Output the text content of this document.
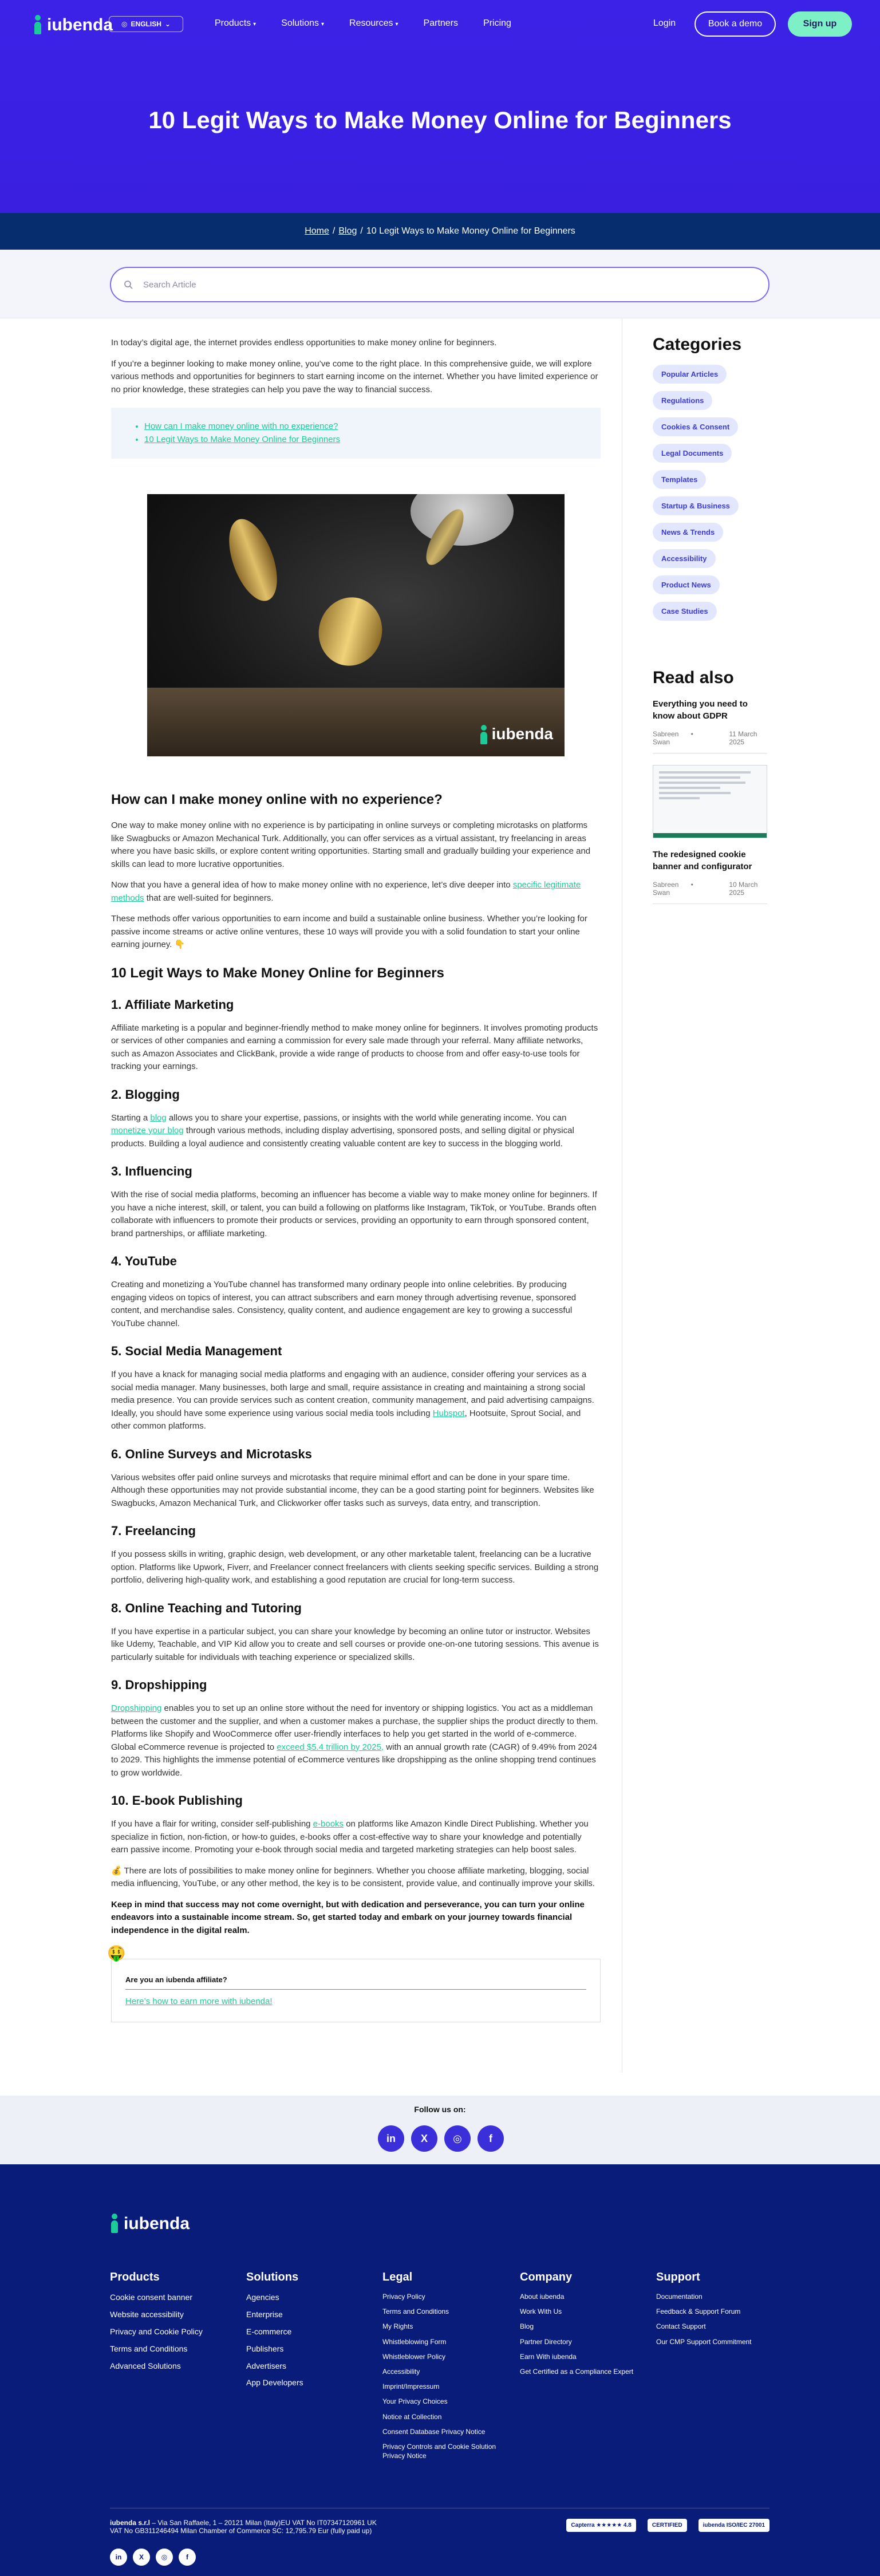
iubenda ◎ ENGLISH ⌄	Products ▾	Solutions ▾	Resources ▾	Partners	Pricing	Login	Book a demo	Sign up
10 Legit Ways to Make Money Online for Beginners
Home / Blog / 10 Legit Ways to Make Money Online for Beginners
Search Article

In today’s digital age, the internet provides endless opportunities to make money online for beginners.

If you’re a beginner looking to make money online, you’ve come to the right place. In this comprehensive guide, we will explore various methods and opportunities for beginners to start earning income on the internet. Whether you have limited experience or no prior knowledge, these strategies can help you pave the way to financial success.

• How can I make money online with no experience?
• 10 Legit Ways to Make Money Online for Beginners
iubenda
How can I make money online with no experience?

One way to make money online with no experience is by participating in online surveys or completing microtasks on platforms like Swagbucks or Amazon Mechanical Turk. Additionally, you can offer services as a virtual assistant, try freelancing in areas where you have basic skills, or explore content writing opportunities. Starting small and gradually building your experience and skills can lead to more lucrative opportunities.

Now that you have a general idea of how to make money online with no experience, let’s dive deeper into specific legitimate methods that are well-suited for beginners.

These methods offer various opportunities to earn income and build a sustainable online business. Whether you’re looking for passive income streams or active online ventures, these 10 ways will provide you with a solid foundation to start your online earning journey. 👇

10 Legit Ways to Make Money Online for Beginners
1. Affiliate Marketing

Affiliate marketing is a popular and beginner-friendly method to make money online for beginners. It involves promoting products or services of other companies and earning a commission for every sale made through your referral. Many affiliate networks, such as Amazon Associates and ClickBank, provide a wide range of products to choose from and offer easy-to-use tools for tracking your earnings.

2. Blogging

Starting a blog allows you to share your expertise, passions, or insights with the world while generating income. You can monetize your blog through various methods, including display advertising, sponsored posts, and selling digital or physical products. Building a loyal audience and consistently creating valuable content are key to success in the blogging world.

3. Influencing

With the rise of social media platforms, becoming an influencer has become a viable way to make money online for beginners. If you have a niche interest, skill, or talent, you can build a following on platforms like Instagram, TikTok, or YouTube. Brands often collaborate with influencers to promote their products or services, providing an opportunity to earn through sponsored content, brand partnerships, or affiliate marketing.

4. YouTube

Creating and monetizing a YouTube channel has transformed many ordinary people into online celebrities. By producing engaging videos on topics of interest, you can attract subscribers and earn money through advertising revenue, sponsored content, and merchandise sales. Consistency, quality content, and audience engagement are key to growing a successful YouTube channel.

5. Social Media Management

If you have a knack for managing social media platforms and engaging with an audience, consider offering your services as a social media manager. Many businesses, both large and small, require assistance in creating and maintaining a strong social media presence. You can provide services such as content creation, community management, and paid advertising campaigns. Ideally, you should have some experience using various social media tools including Hubspot, Hootsuite, Sprout Social, and other common platforms.

6. Online Surveys and Microtasks

Various websites offer paid online surveys and microtasks that require minimal effort and can be done in your spare time. Although these opportunities may not provide substantial income, they can be a good starting point for beginners. Websites like Swagbucks, Amazon Mechanical Turk, and Clickworker offer tasks such as surveys, data entry, and transcription.

7. Freelancing

If you possess skills in writing, graphic design, web development, or any other marketable talent, freelancing can be a lucrative option. Platforms like Upwork, Fiverr, and Freelancer connect freelancers with clients seeking specific services. Building a strong portfolio, delivering high-quality work, and establishing a good reputation are crucial for long-term success.

8. Online Teaching and Tutoring

If you have expertise in a particular subject, you can share your knowledge by becoming an online tutor or instructor. Websites like Udemy, Teachable, and VIP Kid allow you to create and sell courses or provide one-on-one tutoring sessions. This avenue is particularly suitable for individuals with teaching experience or specialized skills.

9. Dropshipping

Dropshipping enables you to set up an online store without the need for inventory or shipping logistics. You act as a middleman between the customer and the supplier, and when a customer makes a purchase, the supplier ships the product directly to them. Platforms like Shopify and WooCommerce offer user-friendly interfaces to help you get started in the world of e-commerce. Global eCommerce revenue is projected to exceed $5.4 trillion by 2025, with an annual growth rate (CAGR) of 9.49% from 2024 to 2029. This highlights the immense potential of eCommerce ventures like dropshipping as the online shopping trend continues to grow worldwide.

10. E-book Publishing

If you have a flair for writing, consider self-publishing e-books on platforms like Amazon Kindle Direct Publishing. Whether you specialize in fiction, non-fiction, or how-to guides, e-books offer a cost-effective way to share your knowledge and potentially earn passive income. Promoting your e-book through social media and targeted marketing strategies can help boost sales.

💰 There are lots of possibilities to make money online for beginners. Whether you choose affiliate marketing, blogging, social media influencing, YouTube, or any other method, the key is to be consistent, provide value, and continually improve your skills.

Keep in mind that success may not come overnight, but with dedication and perseverance, you can turn your online endeavors into a sustainable income stream. So, get started today and embark on your journey towards financial independence in the digital realm.

🤑
Are you an iubenda affiliate?
Here’s how to earn more with iubenda!
Categories
Popular Articles
Regulations
Cookies & Consent
Legal Documents
Templates
Startup & Business
News & Trends
Accessibility
Product News
Case Studies
Read also
Everything you need to know about GDPR
Sabreen Swan
•	11 March 2025
The redesigned cookie banner and configurator
Sabreen Swan
•	10 March 2025
Follow us on:
in	X	◎	f
iubenda
Products
Cookie consent banner
Website accessibility
Privacy and Cookie Policy
Terms and Conditions
Advanced Solutions
Solutions
Agencies
Enterprise
E-commerce
Publishers
Advertisers
App Developers
Legal
Privacy Policy
Terms and Conditions
My Rights
Whistleblowing Form
Whistleblower Policy
Accessibility
Imprint/Impressum
Your Privacy Choices
Notice at Collection
Consent Database Privacy Notice
Privacy Controls and Cookie Solution Privacy Notice
Company
About iubenda
Work With Us
Blog
Partner Directory
Earn With iubenda
Get Certified as a Compliance Expert
Support
Documentation
Feedback & Support Forum
Contact Support
Our CMP Support Commitment
iubenda s.r.l – Via San Raffaele, 1 – 20121 Milan (Italy)EU VAT No IT07347120961 UK
VAT No GB311246494 Milan Chamber of Commerce SC: 12,795.79 Eur (fully paid up)
Capterra ★★★★★ 4.8	CERTIFIED	iubenda ISO/IEC 27001
in	X	◎	f
